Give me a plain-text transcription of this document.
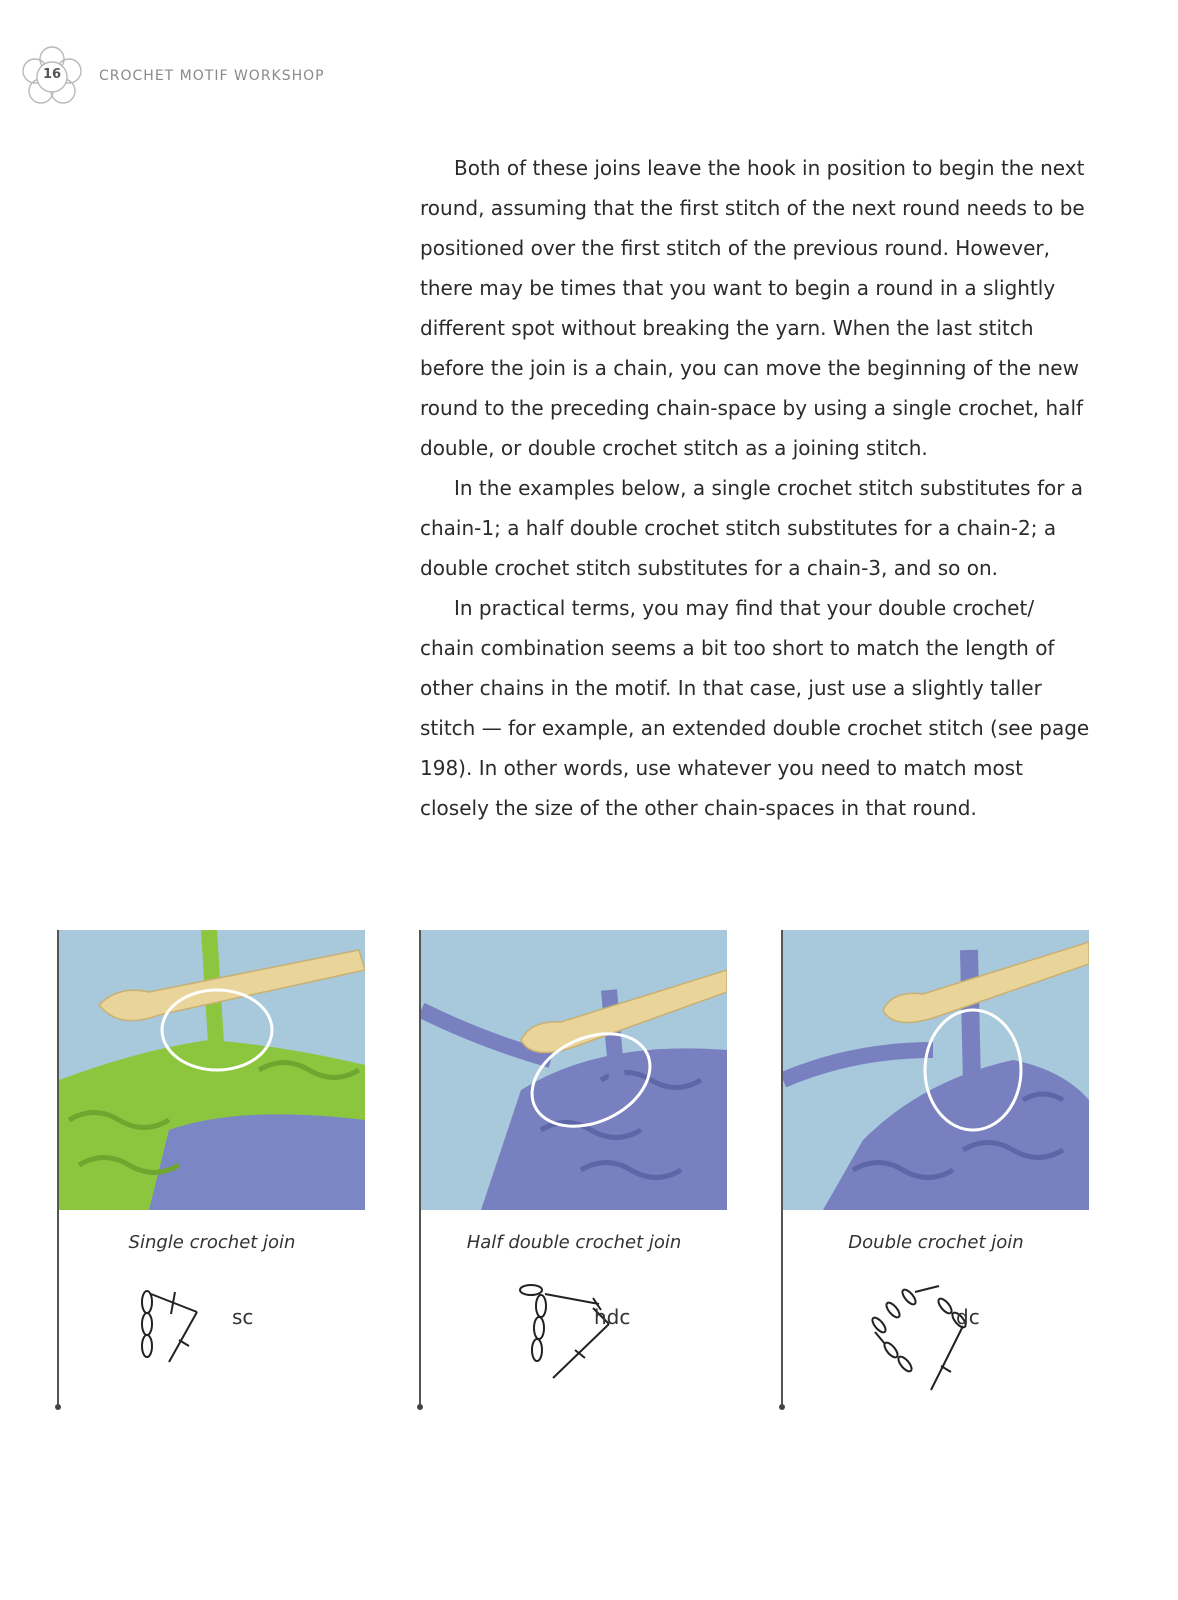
16	CROCHET MOTIF WORKSHOP

Both of these joins leave the hook in position to begin the next round, assuming that the first stitch of the next round needs to be positioned over the first stitch of the previous round. However, there may be times that you want to begin a round in a slightly different spot without breaking the yarn. When the last stitch before the join is a chain, you can move the beginning of the new round to the preceding chain-space by using a single crochet, half double, or double crochet stitch as a joining stitch.

In the examples below, a single crochet stitch substitutes for a chain-1; a half double crochet stitch substitutes for a chain-2; a double crochet stitch substitutes for a chain-3, and so on.

In practical terms, you may find that your double crochet/ chain combination seems a bit too short to match the length of other chains in the motif. In that case, just use a slightly taller stitch — for example, an extended double crochet stitch (see page 198). In other words, use whatever you need to match most closely the size of the other chain-spaces in that round.

Single crochet join
sc
Half double crochet join
hdc
Double crochet join
dc
